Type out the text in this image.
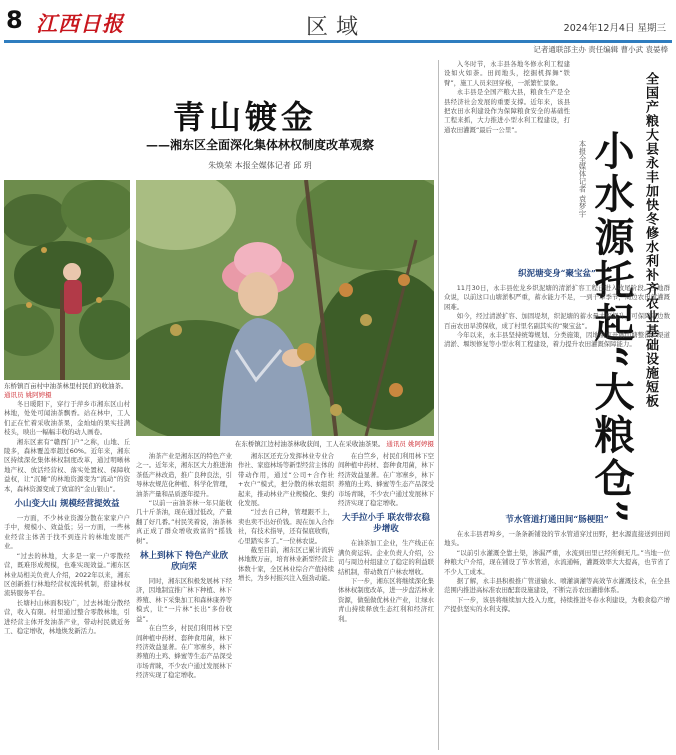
8 江西日报	区域	2024年12月4日 星期三
记者通联部主办 责任编辑 曹小武 袁晏棒
青山镀金
——湘东区全面深化集体林权制度改革观察
朱焕荣 本报全媒体记者 邱 玥
东桥镇百亩村中油茶林里村民们的收油茶。 通讯员 姚阿婷摄
在东桥镇江边村油茶林收获间，工人在采收油茶果。 通讯员 姚阿婷摄

冬日暖阳下，穿行于萍乡市湘东区山村林地，处处可闻油茶飘香。站在林中，工人们正在忙着采收油茶果，金灿灿的果实挂满枝头，映出一幅幅丰收的动人画卷。

湘东区素有“赣西门户”之称，山地、丘陵多，森林覆盖率超过60%。近年来，湘东区持续深化集体林权制度改革，通过明晰林地产权、放活经营权、落实处置权、保障收益权，让“沉睡”的林地资源变为“流动”的资本，森林资源变成了致富的“金山银山”。

小山变大山 规模经营提效益

一方面，不少林业资源分散在家家户户手中，规模小、效益低；另一方面，一些林业经营主体苦于找不到连片的林地发展产业。

“过去的林地，大多是一家一户零散经营，既难形成规模，也难实现效益。”湘东区林业局相关负责人介绍，2022年以来，湘东区创新推行林地经营权流转机制，搭建林权流转服务平台。

长塘村山林面积较广，过去林地分散经营，收入有限。村里通过整合零散林地，引进经营主体开发油茶产业，带动村民就近务工、稳定增收，林地焕发新活力。

油茶产业是湘东区的特色产业之一。近年来，湘东区大力推进油茶低产林改造，推广良种良法，引导林农规范化种植、科学化管理，油茶产量和品质逐年提升。

“以前一亩油茶林一年只能收几十斤茶油，现在通过低改，产量翻了好几番。”村民笑着说，油茶林真正成了群众增收致富的“摇钱树”。

林上到林下 特色产业欣欣向荣

同时，湘东区积极发展林下经济，因地制宜推广林下种植、林下养殖、林下采集加工和森林康养等模式，让“一片林”长出“多份收益”。

在白竺乡，村民们利用林下空间种植中药材、套种食用菌，林下经济效益显著。在广寒寨乡，林下养殖的土鸡、蜂蜜等生态产品深受市场青睐，不少农户通过发展林下经济实现了稳定增收。

湘东区还充分发挥林业专业合作社、家庭林场等新型经营主体的带动作用，通过“公司+合作社+农户”模式，把分散的林农组织起来，推动林业产业规模化、集约化发展。

“过去自己种，管理跟不上，卖也卖不出好价钱。现在加入合作社，有技术指导，还有保底收购，心里踏实多了。”一位林农说。

截至目前，湘东区已累计流转林地数万亩，培育林业新型经营主体数十家，全区林业综合产值持续增长，为乡村振兴注入强劲动能。

在白竺乡，村民们利用林下空间种植中药材、套种食用菌，林下经济效益显著。在广寒寨乡，林下养殖的土鸡、蜂蜜等生态产品深受市场青睐，不少农户通过发展林下经济实现了稳定增收。

大手拉小手 联农带农稳步增收

在油茶加工企业，生产线正在满负荷运转。企业负责人介绍，公司与周边村组建立了稳定的利益联结机制，带动数百户林农增收。

下一步，湘东区将继续深化集体林权制度改革，进一步盘活林业资源，做强做优林业产业，让绿水青山持续释放生态红利和经济红利。

入冬时节，永丰县各地冬修水利工程建设如火如荼。田间地头，挖掘机挥舞“铁臂”，施工人员来回穿梭，一派繁忙景象。

永丰县是全国产粮大县，粮食生产是全县经济社会发展的重要支撑。近年来，该县把农田水利建设作为保障粮食安全的基础性工程来抓，大力推进小型水利工程建设，打通农田灌溉“最后一公里”。	全国产粮大县永丰加快冬修水利补齐农业基础设施短板
小水源托起“大粮仓”
本报全媒体记者 袁梦宇
织泥塘变身“聚宝盆”

11月30日，永丰县佐龙乡织泥塘的清淤扩容工程已进入收尾阶段。当地群众说，以前这口山塘淤积严重，蓄水能力不足，一到干旱季节，周边农田就灌溉困难。

如今，经过清淤扩容、加固堤坝，织泥塘的蓄水量大幅提升，可保障周边数百亩农田旱涝保收，成了村里名副其实的“聚宝盆”。

今年以来，永丰县坚持统筹规划、分类施策，因地制宜开展山塘整治、渠道清淤、堰坝修复等小型水利工程建设，着力提升农田灌溉保障能力。

节水管道打通田间“肠梗阻”

在永丰县君埠乡，一条条新铺设的节水管道穿过田野，把水源直接送到田间地头。

“以前引水灌溉全靠土渠，渗漏严重，水流到田里已经所剩无几。”当地一位种粮大户介绍，现在铺设了节水管道，水流通畅，灌溉效率大大提高，也节省了不少人工成本。

据了解，永丰县积极推广管道输水、喷灌滴灌等高效节水灌溉技术，在全县范围内推进高标准农田配套设施建设，不断完善农田灌排体系。

下一步，该县将继续加大投入力度，持续推进冬春水利建设，为粮食稳产增产提供坚实的水利支撑。
